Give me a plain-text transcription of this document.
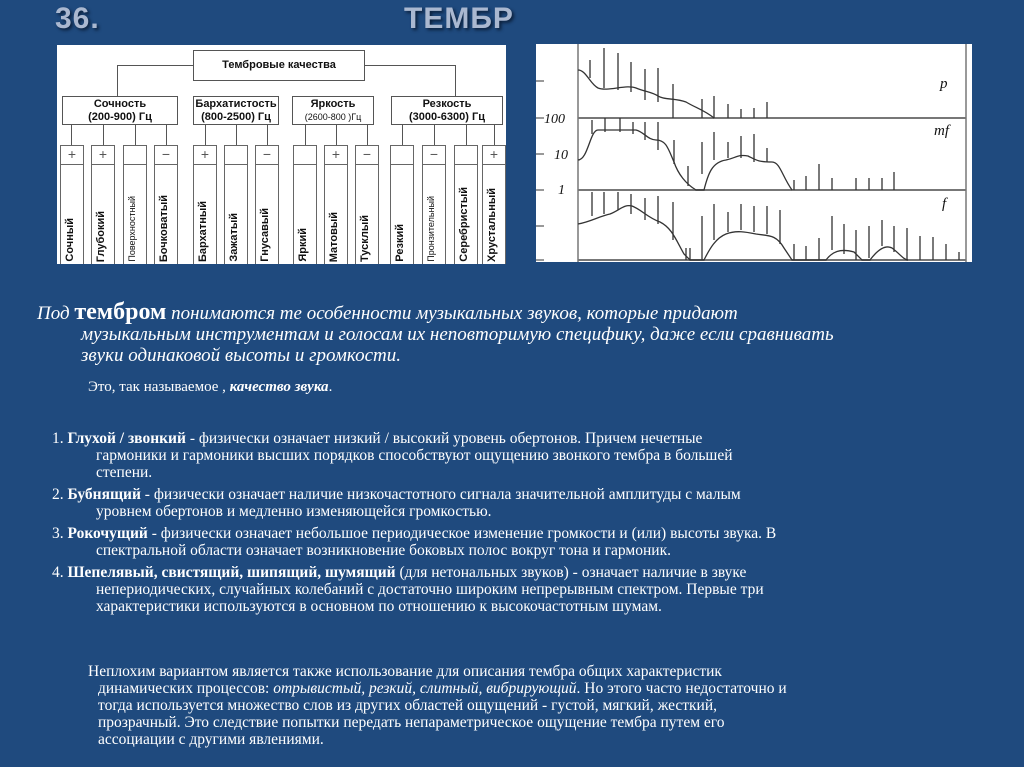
36.	ТЕМБР
Тембровые качества
Сочность
(200-900) Гц
Бархатистость
(800-2500) Гц
Яркость
(2600-800 )Гц
Резкость
(3000-6300) Гц
+
Сочный
+
Глубокий Поверхностный
−
Бочковатый
+
Бархатный Зажатый
−
Гнусавый Яркий
+
Матовый
−
Тусклый Резкий
−
Пронзительный Серебристый
+
Хрустальный
100
10
1
p
mf
f
Под тембром понимаются те особенности музыкальных звуков, которые придают
музыкальным инструментам и голосам их неповторимую специфику, даже если сравнивать
звуки одинаковой высоты и громкости.
Это, так называемое , качество звука.
1. Глухой / звонкий - физически означает низкий / высокий уровень обертонов. Причем нечетные
гармоники и гармоники высших порядков способствуют ощущению звонкого тембра в большей
степени.
2. Бубнящий - физически означает наличие низкочастотного сигнала значительной амплитуды с малым
уровнем обертонов и медленно изменяющейся громкостью.
3. Рокочущий - физически означает небольшое периодическое изменение громкости и (или) высоты звука. В
спектральной области означает возникновение боковых полос вокруг тона и гармоник.
4. Шепелявый, свистящий, шипящий, шумящий (для нетональных звуков) - означает наличие в звуке
непериодических, случайных колебаний с достаточно широким непрерывным спектром. Первые три
характеристики используются в основном по отношению к высокочастотным шумам.
Неплохим вариантом является также использование для описания тембра общих характеристик
динамических процессов: отрывистый, резкий, слитный, вибрирующий. Но этого часто недостаточно и
тогда используется множество слов из других областей ощущений - густой, мягкий, жесткий,
прозрачный. Это следствие попытки передать непараметрическое ощущение тембра путем его
ассоциации с другими явлениями.
